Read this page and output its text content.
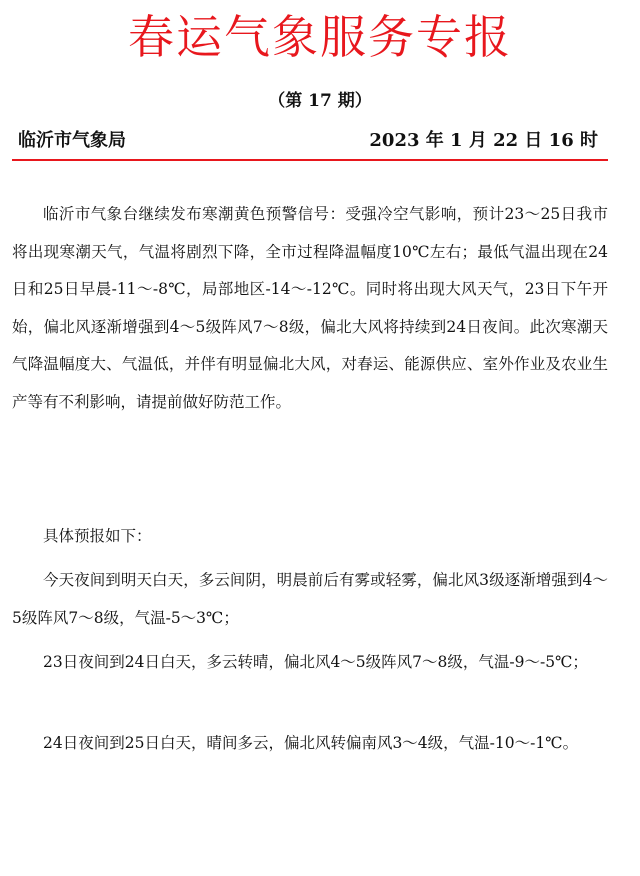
春运气象服务专报
（第 17 期）
临沂市气象局	2023 年 1 月 22 日 16 时

临沂市气象台继续发布寒潮黄色预警信号：受强冷空气影响，预计23～25日我市将出现寒潮天气，气温将剧烈下降，全市过程降温幅度10℃左右；最低气温出现在24日和25日早晨-11～-8℃，局部地区-14～-12℃。同时将出现大风天气，23日下午开始，偏北风逐渐增强到4～5级阵风7～8级，偏北大风将持续到24日夜间。此次寒潮天气降温幅度大、气温低，并伴有明显偏北大风，对春运、能源供应、室外作业及农业生产等有不利影响，请提前做好防范工作。

具体预报如下：

今天夜间到明天白天，多云间阴，明晨前后有雾或轻雾，偏北风3级逐渐增强到4～5级阵风7～8级，气温-5～3℃；

23日夜间到24日白天，多云转晴，偏北风4～5级阵风7～8级，气温-9～-5℃；

24日夜间到25日白天，晴间多云，偏北风转偏南风3～4级，气温-10～-1℃。
